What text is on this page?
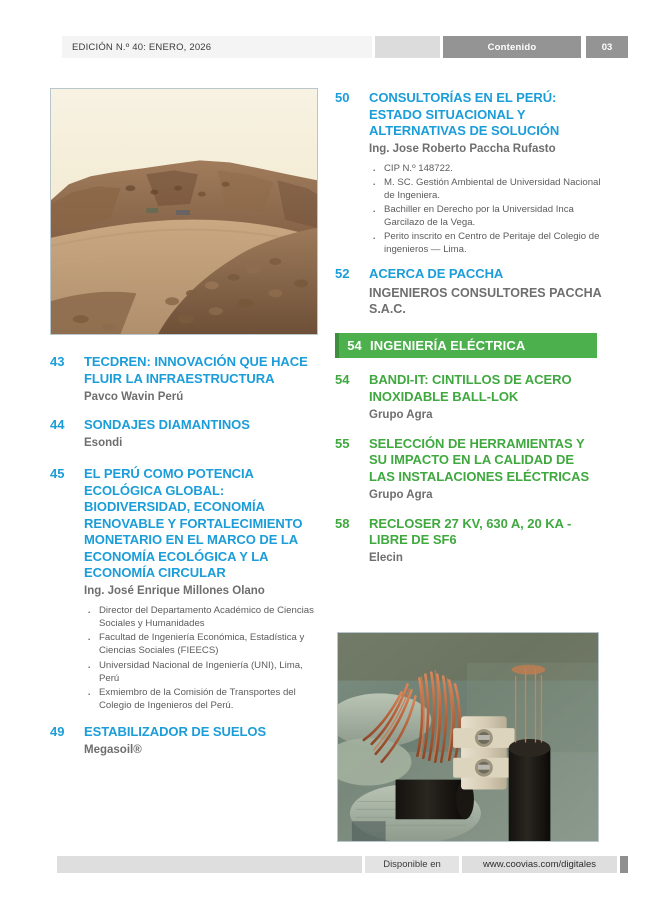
EDICIÓN N.º 40: ENERO, 2026	Contenido	03
43	TECDREN: INNOVACIÓN QUE HACE FLUIR LA INFRAESTRUCTURA
Pavco Wavin Perú
44	SONDAJES DIAMANTINOS
Esondi
45	EL PERÚ COMO POTENCIA ECOLÓGICA GLOBAL: BIODIVERSIDAD, ECONOMÍA RENOVABLE Y FORTALECIMIENTO MONETARIO EN EL MARCO DE LA ECONOMÍA ECOLÓGICA Y LA ECONOMÍA CIRCULAR
Ing. José Enrique Millones Olano
· Director del Departamento Académico de Ciencias Sociales y Humanidades
· Facultad de Ingeniería Económica, Estadística y Ciencias Sociales (FIEECS)
· Universidad Nacional de Ingeniería (UNI), Lima, Perú
· Exmiembro de la Comisión de Transportes del Colegio de Ingenieros del Perú.
49	ESTABILIZADOR DE SUELOS
Megasoil®
50	CONSULTORÍAS EN EL PERÚ: ESTADO SITUACIONAL Y ALTERNATIVAS DE SOLUCIÓN
Ing. Jose Roberto Paccha Rufasto
· CIP N.º 148722.
· M. SC. Gestión Ambiental de Universidad Nacional de Ingeniera.
· Bachiller en Derecho por la Universidad Inca Garcilazo de la Vega.
· Perito inscrito en Centro de Peritaje del Colegio de ingenieros — Lima.
52	ACERCA DE PACCHA
INGENIEROS CONSULTORES PACCHA S.A.C.
54 INGENIERÍA ELÉCTRICA
54	BANDI-IT: CINTILLOS DE ACERO INOXIDABLE BALL-LOK
Grupo Agra
55	SELECCIÓN DE HERRAMIENTAS Y SU IMPACTO EN LA CALIDAD DE LAS INSTALACIONES ELÉCTRICAS
Grupo Agra
58	RECLOSER 27 KV, 630 A, 20 KA - LIBRE DE SF6
Elecin
Disponible en	www.coovias.com/digitales
